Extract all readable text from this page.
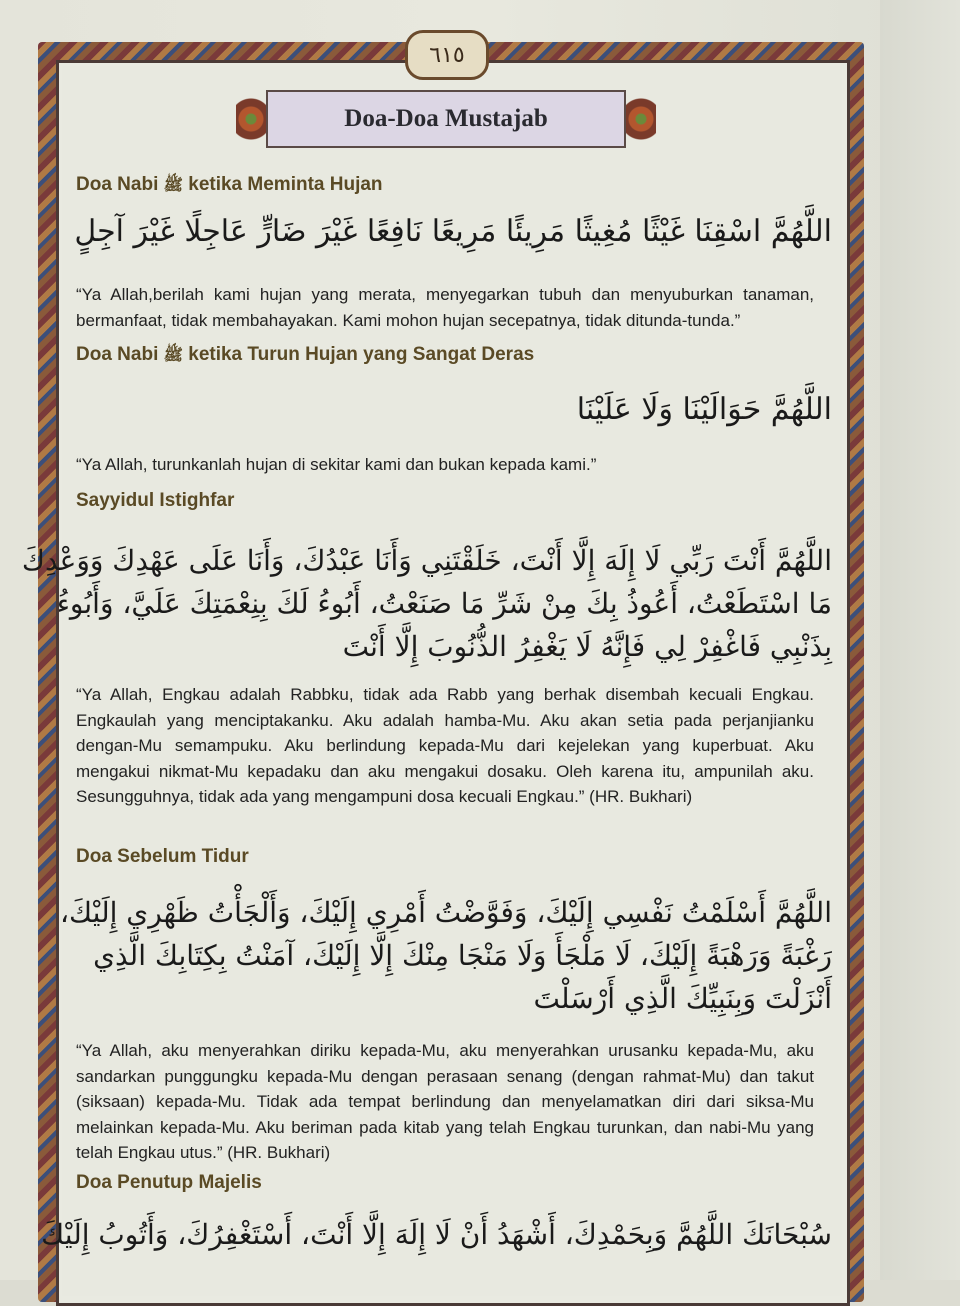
٦١٥
Doa-Doa Mustajab
Doa Nabi ﷺ ketika Meminta Hujan
اللَّهُمَّ اسْقِنَا غَيْثًا مُغِيثًا مَرِيئًا مَرِيعًا نَافِعًا غَيْرَ ضَارٍّ عَاجِلًا غَيْرَ آجِلٍ
“Ya Allah,berilah kami hujan yang merata, menyegarkan tubuh dan menyuburkan tanaman, bermanfaat, tidak membahayakan. Kami mohon hujan secepatnya, tidak ditunda-tunda.”
Doa Nabi ﷺ ketika Turun Hujan yang Sangat Deras
اللَّهُمَّ حَوَالَيْنَا وَلَا عَلَيْنَا
“Ya Allah, turunkanlah hujan di sekitar kami dan bukan kepada kami.”
Sayyidul Istighfar
اللَّهُمَّ أَنْتَ رَبِّي لَا إِلَهَ إِلَّا أَنْتَ، خَلَقْتَنِي وَأَنَا عَبْدُكَ، وَأَنَا عَلَى عَهْدِكَ وَوَعْدِكَ
مَا اسْتَطَعْتُ، أَعُوذُ بِكَ مِنْ شَرِّ مَا صَنَعْتُ، أَبُوءُ لَكَ بِنِعْمَتِكَ عَلَيَّ، وَأَبُوءُ
بِذَنْبِي فَاغْفِرْ لِي فَإِنَّهُ لَا يَغْفِرُ الذُّنُوبَ إِلَّا أَنْتَ
“Ya Allah, Engkau adalah Rabbku, tidak ada Rabb yang berhak disembah kecuali Engkau. Engkaulah yang menciptakanku. Aku adalah hamba-Mu. Aku akan setia pada perjanjianku dengan-Mu semampuku. Aku berlindung kepada-Mu dari kejelekan yang kuperbuat. Aku mengakui nikmat-Mu kepadaku dan aku mengakui dosaku. Oleh karena itu, ampunilah aku. Sesungguhnya, tidak ada yang mengampuni dosa kecuali Engkau.” (HR. Bukhari)
Doa Sebelum Tidur
اللَّهُمَّ أَسْلَمْتُ نَفْسِي إِلَيْكَ، وَفَوَّضْتُ أَمْرِي إِلَيْكَ، وَأَلْجَأْتُ ظَهْرِي إِلَيْكَ،
رَغْبَةً وَرَهْبَةً إِلَيْكَ، لَا مَلْجَأَ وَلَا مَنْجَا مِنْكَ إِلَّا إِلَيْكَ، آمَنْتُ بِكِتَابِكَ الَّذِي
أَنْزَلْتَ وَبِنَبِيِّكَ الَّذِي أَرْسَلْتَ
“Ya Allah, aku menyerahkan diriku kepada-Mu, aku menyerahkan urusanku kepada-Mu, aku sandarkan punggungku kepada-Mu dengan perasaan senang (dengan rahmat-Mu) dan takut (siksaan) kepada-Mu. Tidak ada tempat berlindung dan menyelamatkan diri dari siksa-Mu melainkan kepada-Mu. Aku beriman pada kitab yang telah Engkau turunkan, dan nabi-Mu yang telah Engkau utus.” (HR. Bukhari)
Doa Penutup Majelis
سُبْحَانَكَ اللَّهُمَّ وَبِحَمْدِكَ، أَشْهَدُ أَنْ لَا إِلَهَ إِلَّا أَنْتَ، أَسْتَغْفِرُكَ، وَأَتُوبُ إِلَيْكَ
